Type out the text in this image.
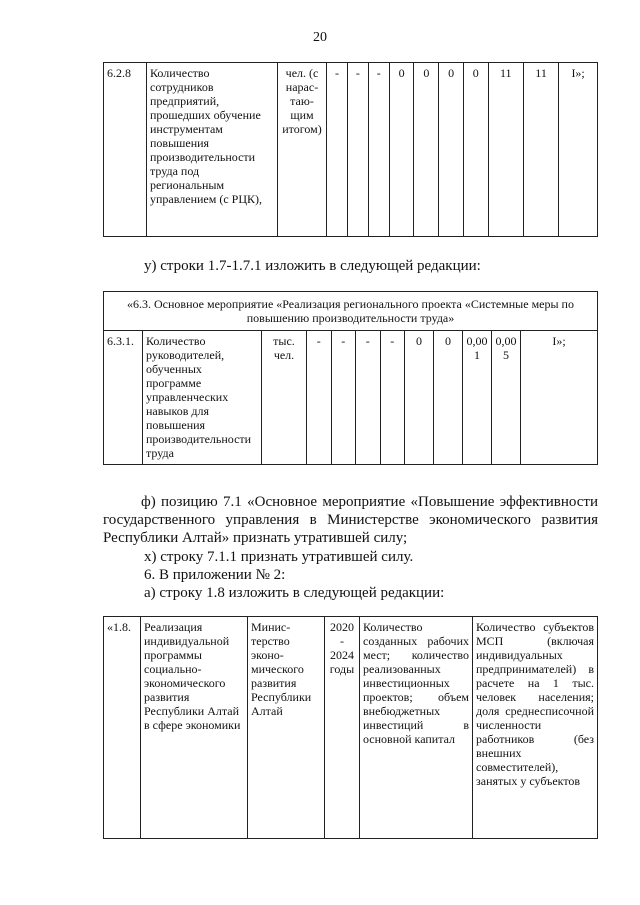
20
6.2.8	Количество сотрудников предприятий, прошедших обучение инструментам повышения производительности труда под региональным управлением (с РЦК),	чел. (с нарас-таю-щим итогом)	-	-	-	0	0	0	0	11	11	I»;
у) строки 1.7-1.7.1 изложить в следующей редакции:
«6.3. Основное мероприятие «Реализация регионального проекта «Системные меры по повышению производительности труда»
6.3.1.	Количество руководителей, обученных программе управленческих навыков для повышения производительности труда	тыс. чел.	-	-	-	-	0	0	0,00 1	0,00 5	I»;
ф) позицию 7.1 «Основное мероприятие «Повышение эффективности государственного управления в Министерстве экономического развития Республики Алтай» признать утратившей силу;
х) строку 7.1.1 признать утратившей силу.
6. В приложении № 2:
а) строку 1.8 изложить в следующей редакции:
«1.8.	Реализация индивидуальной программы социально-экономического развития Республики Алтай в сфере экономики	Минис-терство эконо-мического развития Республики Алтай	2020 - 2024 годы	Количество созданных рабочих мест; количество реализованных инвестиционных проектов; объем внебюджетных инвестиций в основной капитал	Количество субъектов МСП (включая индивидуальных предпринимателей) в расчете на 1 тыс. человек населения; доля среднесписочной численности работников (без внешних совместителей), занятых у субъектов
